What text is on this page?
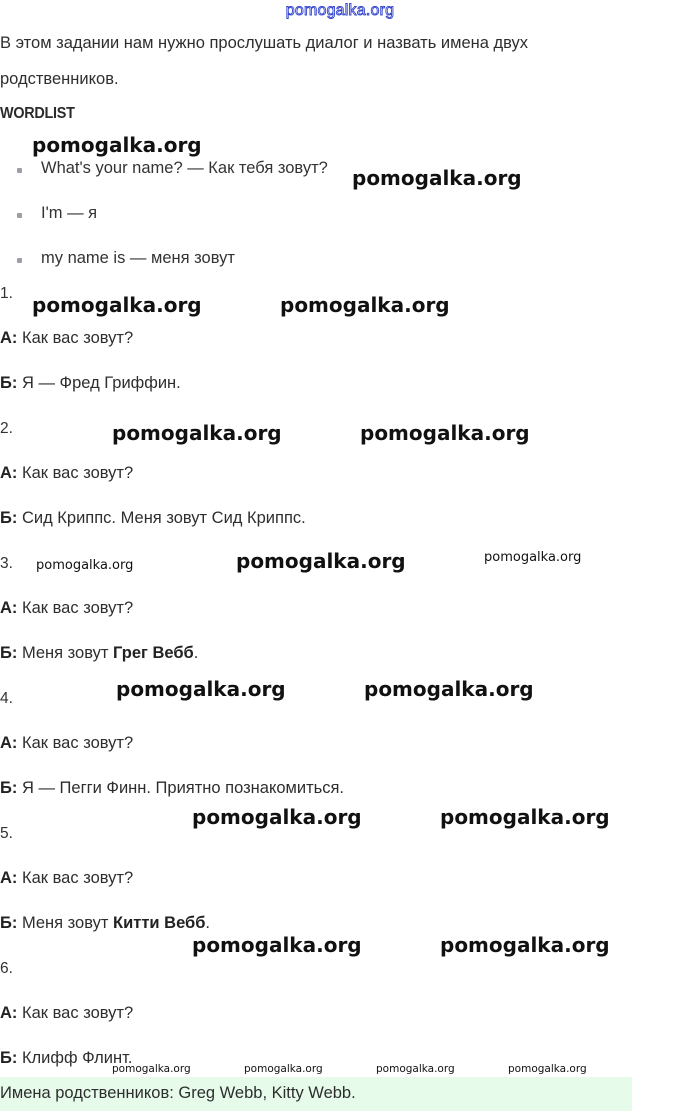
pomogalka.org
В этом задании нам нужно прослушать диалог и назвать имена двух
родственников.
WORDLIST
What's your name? — Как тебя зовут?
I'm — я
my name is — меня зовут
1.
А: Как вас зовут?
Б: Я — Фред Гриффин.
2.
А: Как вас зовут?
Б: Сид Криппс. Меня зовут Сид Криппс.
3.
А: Как вас зовут?
Б: Меня зовут Грег Вебб.
4.
А: Как вас зовут?
Б: Я — Пегги Финн. Приятно познакомиться.
5.
А: Как вас зовут?
Б: Меня зовут Китти Вебб.
6.
А: Как вас зовут?
Б: Клифф Флинт.
Имена родственников: Greg Webb, Kitty Webb.
pomogalka.org
pomogalka.org
pomogalka.org	pomogalka.org
pomogalka.org	pomogalka.org
pomogalka.org	pomogalka.org	pomogalka.org
pomogalka.org	pomogalka.org
pomogalka.org	pomogalka.org
pomogalka.org	pomogalka.org
pomogalka.org	pomogalka.org	pomogalka.org	pomogalka.org
